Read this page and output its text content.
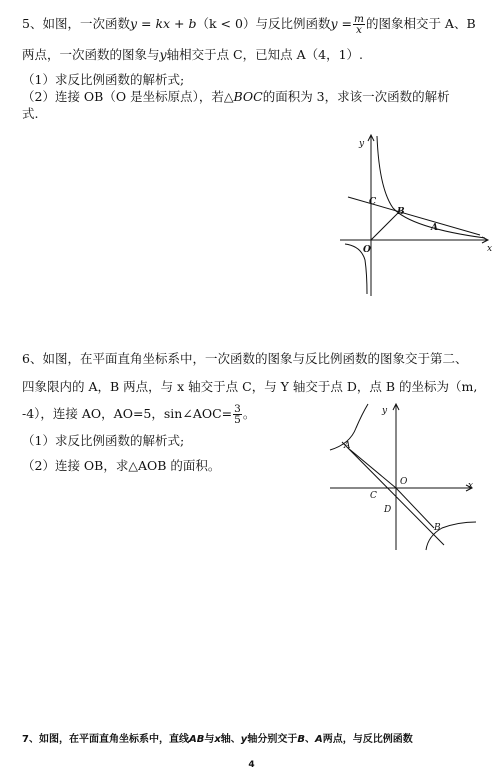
5、如图，一次函数y = kx + b（k < 0）与反比例函数$y = \frac{m}{x}$ 的图象相交于 A、B
两点，一次函数的图象与y轴相交于点 C，已知点 A（4，1）.
（1）求反比例函数的解析式;
（2）连接 OB（O 是坐标原点），若△BOC的面积为 3，求该一次函数的解析
式.
y
x
O
A
B
C
6、如图，在平面直角坐标系中，一次函数的图象与反比例函数的图象交于第二、
四象限内的 A，B 两点，与 x 轴交于点 C，与 Y 轴交于点 D，点 B 的坐标为（m,
-4），连接 AO，AO=5，sin∠AOC= $\frac{3}{5}$ 。
（1）求反比例函数的解析式;
（2）连接 OB，求△AOB 的面积。
y
x
O
A
B
C
D
7、如图，在平面直角坐标系中，直线AB与x轴、y轴分别交于B、A两点，与反比例函数
4
